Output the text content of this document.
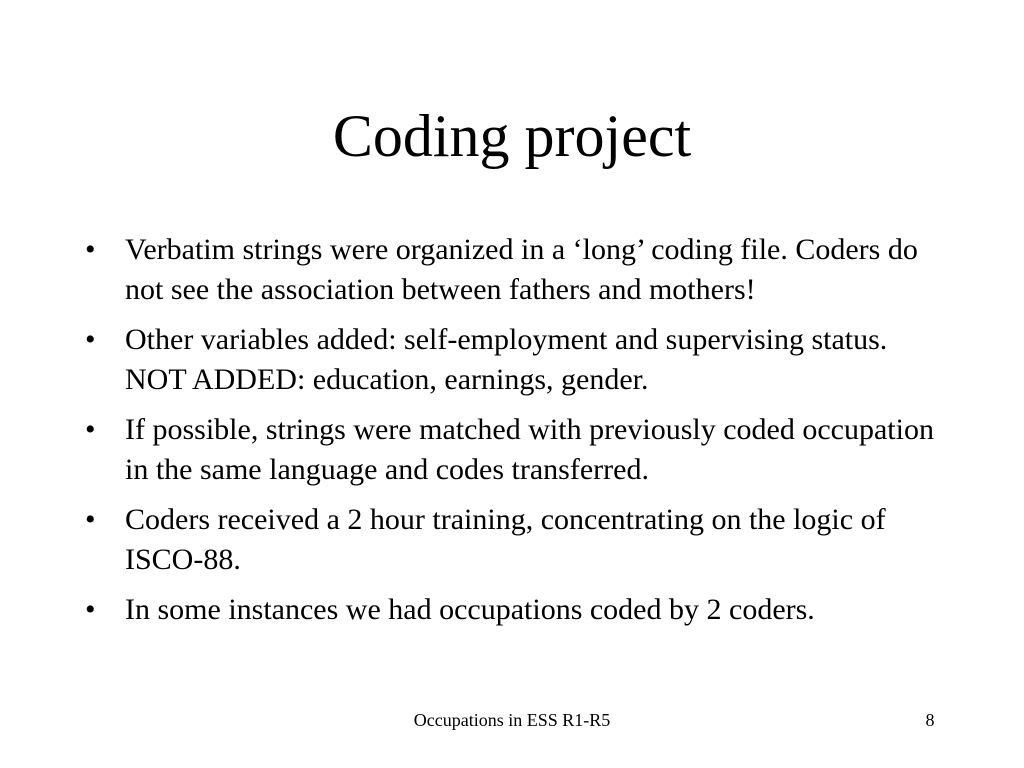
Coding project
• Verbatim strings were organized in a ‘long’ coding file. Coders do not see the association between fathers and mothers!
• Other variables added: self-employment and supervising status. NOT ADDED: education, earnings, gender.
• If possible, strings were matched with previously coded occupation in the same language and codes transferred.
• Coders received a 2 hour training, concentrating on the logic of ISCO-88.
• In some instances we had occupations coded by 2 coders.
Occupations in ESS R1-R5	8
